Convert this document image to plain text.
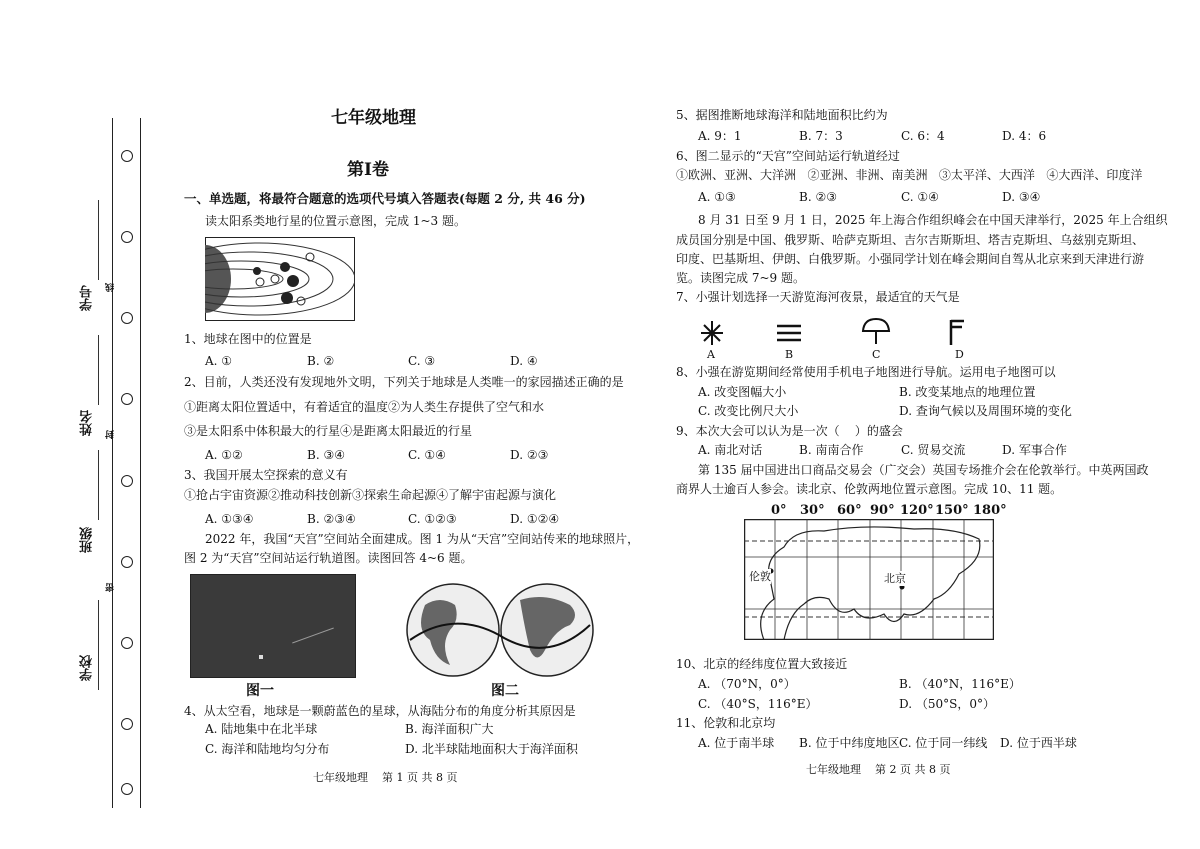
学校
班级
姓名
学号
密
封
线
七年级地理
第Ⅰ卷
一、单选题，将最符合题意的选项代号填入答题表(每题 2 分, 共 46 分)
读太阳系类地行星的位置示意图，完成 1~3 题。
1、地球在图中的位置是
A. ①	B. ②	C. ③	D. ④
2、目前，人类还没有发现地外文明，下列关于地球是人类唯一的家园描述正确的是
①距离太阳位置适中，有着适宜的温度②为人类生存提供了空气和水
③是太阳系中体积最大的行星④是距离太阳最近的行星
A. ①②	B. ③④	C. ①④	D. ②③
3、我国开展太空探索的意义有
①抢占宇宙资源②推动科技创新③探索生命起源④了解宇宙起源与演化
A. ①③④	B. ②③④	C. ①②③	D. ①②④
2022 年，我国“天宫”空间站全面建成。图 1 为从“天宫”空间站传来的地球照片，
图 2 为“天宫”空间站运行轨道图。读图回答 4~6 题。
图一	图二
4、从太空看，地球是一颗蔚蓝色的星球，从海陆分布的角度分析其原因是
A. 陆地集中在北半球	B. 海洋面积广大
C. 海洋和陆地均匀分布	D. 北半球陆地面积大于海洋面积
七年级地理    第 1 页 共 8 页
5、据图推断地球海洋和陆地面积比约为
A. 9：1	B. 7：3	C. 6：4	D. 4：6
6、图二显示的“天宫”空间站运行轨道经过
①欧洲、亚洲、大洋洲   ②亚洲、非洲、南美洲   ③太平洋、大西洋   ④大西洋、印度洋
A. ①③	B. ②③	C. ①④	D. ③④
8 月 31 日至 9 月 1 日，2025 年上海合作组织峰会在中国天津举行，2025 年上合组织
成员国分别是中国、俄罗斯、哈萨克斯坦、吉尔吉斯斯坦、塔吉克斯坦、乌兹别克斯坦、
印度、巴基斯坦、伊朗、白俄罗斯。小强同学计划在峰会期间自驾从北京来到天津进行游
览。读图完成 7~9 题。
7、小强计划选择一天游览海河夜景，最适宜的天气是
A	B	C	D
8、小强在游览期间经常使用手机电子地图进行导航。运用电子地图可以
A. 改变图幅大小	B. 改变某地点的地理位置
C. 改变比例尺大小	D. 查询气候以及周围环境的变化
9、本次大会可以认为是一次（    ）的盛会
A. 南北对话	B. 南南合作	C. 贸易交流	D. 军事合作
第 135 届中国进出口商品交易会（广交会）英国专场推介会在伦敦举行。中英两国政
商界人士逾百人参会。读北京、伦敦两地位置示意图。完成 10、11 题。
0° 30° 60° 90° 120° 150° 180°
伦敦	北京
10、北京的经纬度位置大致接近
A. （70°N，0°）	B. （40°N，116°E）
C. （40°S，116°E）	D. （50°S，0°）
11、伦敦和北京均
A. 位于南半球 B. 位于中纬度地区 C. 位于同一纬线 D. 位于西半球
七年级地理    第 2 页 共 8 页
